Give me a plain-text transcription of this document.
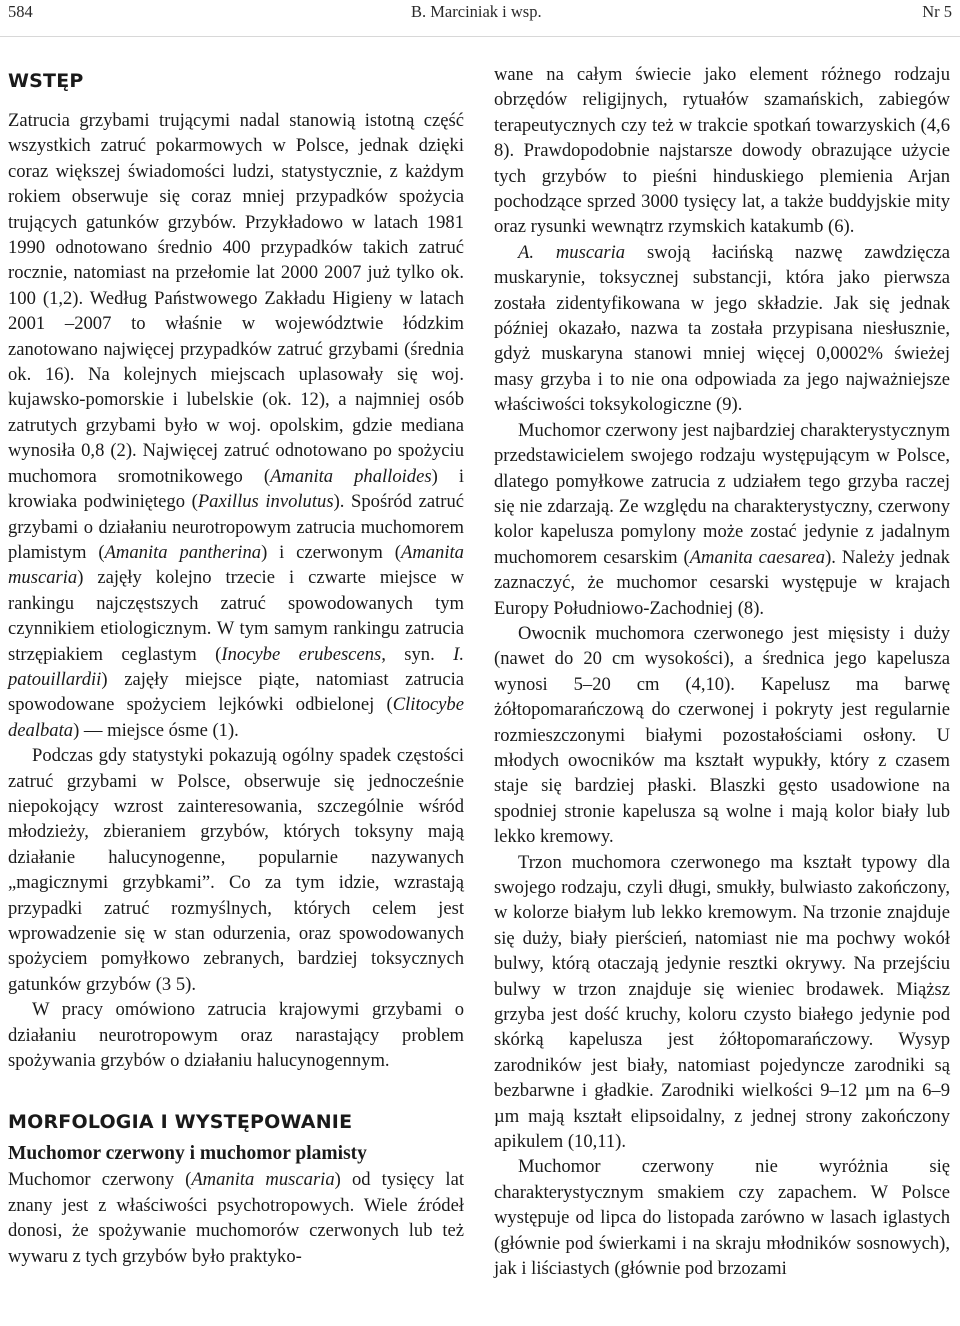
584	B. Marciniak i wsp.	Nr 5
WSTĘP

Zatrucia grzybami trującymi nadal stanowią istotną część wszystkich zatruć pokarmowych w Polsce, jednak dzięki coraz większej świadomości ludzi, statystycznie, z każdym rokiem obserwuje się coraz mniej przypadków spożycia trujących gatunków grzybów. Przykładowo w latach 1981 1990 odnotowano średnio 400 przypadków takich zatruć rocznie, natomiast na przełomie lat 2000 2007 już tylko ok. 100 (1,2). Według Państwowego Zakładu Higieny w latach 2001 –2007 to właśnie w województwie łódzkim zanotowano najwięcej przypadków zatruć grzybami (średnia ok. 16). Na kolejnych miejscach uplasowały się woj. kujawsko-pomorskie i lubelskie (ok. 12), a najmniej osób zatrutych grzybami było w woj. opolskim, gdzie mediana wynosiła 0,8 (2). Najwięcej zatruć odnotowano po spożyciu muchomora sromotnikowego (Amanita phalloides) i krowiaka podwiniętego (Paxillus involutus). Spośród zatruć grzybami o działaniu neurotropowym zatrucia muchomorem plamistym (Amanita pantherina) i czerwonym (Amanita muscaria) zajęły kolejno trzecie i czwarte miejsce w rankingu najczęstszych zatruć spowodowanych tym czynnikiem etiologicznym. W tym samym rankingu zatrucia strzępiakiem ceglastym (Inocybe erubescens, syn. I. patouillardii) zajęły miejsce piąte, natomiast zatrucia spowodowane spożyciem lejkówki odbielonej (Clitocybe dealbata) — miejsce ósme (1).

Podczas gdy statystyki pokazują ogólny spadek częstości zatruć grzybami w Polsce, obserwuje się jednocześnie niepokojący wzrost zainteresowania, szczególnie wśród młodzieży, zbieraniem grzybów, których toksyny mają działanie halucynogenne, popularnie nazywanych „magicznymi grzybkami”. Co za tym idzie, wzrastają przypadki zatruć rozmyślnych, których celem jest wprowadzenie się w stan odurzenia, oraz spowodowanych spożyciem pomyłkowo zebranych, bardziej toksycznych gatunków grzybów (3 5).

W pracy omówiono zatrucia krajowymi grzybami o działaniu neurotropowym oraz narastający problem spożywania grzybów o działaniu halucynogennym.

MORFOLOGIA I WYSTĘPOWANIE
Muchomor czerwony i muchomor plamisty

Muchomor czerwony (Amanita muscaria) od tysięcy lat znany jest z właściwości psychotropowych. Wiele źródeł donosi, że spożywanie muchomorów czerwonych lub też wywaru z tych grzybów było praktyko-

wane na całym świecie jako element różnego rodzaju obrzędów religijnych, rytuałów szamańskich, zabiegów terapeutycznych czy też w trakcie spotkań towarzyskich (4,6 8). Prawdopodobnie najstarsze dowody obrazujące użycie tych grzybów to pieśni hinduskiego plemienia Arjan pochodzące sprzed 3000 tysięcy lat, a także buddyjskie mity oraz rysunki wewnątrz rzymskich katakumb (6).

A. muscaria swoją łacińską nazwę zawdzięcza muskarynie, toksycznej substancji, która jako pierwsza została zidentyfikowana w jego składzie. Jak się jednak później okazało, nazwa ta została przypisana niesłusznie, gdyż muskaryna stanowi mniej więcej 0,0002% świeżej masy grzyba i to nie ona odpowiada za jego najważniejsze właściwości toksykologiczne (9).

Muchomor czerwony jest najbardziej charakterystycznym przedstawicielem swojego rodzaju występującym w Polsce, dlatego pomyłkowe zatrucia z udziałem tego grzyba raczej się nie zdarzają. Ze względu na charakterystyczny, czerwony kolor kapelusza pomylony może zostać jedynie z jadalnym muchomorem cesarskim (Amanita caesarea). Należy jednak zaznaczyć, że muchomor cesarski występuje w krajach Europy Południowo-Zachodniej (8).

Owocnik muchomora czerwonego jest mięsisty i duży (nawet do 20 cm wysokości), a średnica jego kapelusza wynosi 5–20 cm (4,10). Kapelusz ma barwę żółtopomarańczową do czerwonej i pokryty jest regularnie rozmieszczonymi białymi pozostałościami osłony. U młodych owocników ma kształt wypukły, który z czasem staje się bardziej płaski. Blaszki gęsto usadowione na spodniej stronie kapelusza są wolne i mają kolor biały lub lekko kremowy.

Trzon muchomora czerwonego ma kształt typowy dla swojego rodzaju, czyli długi, smukły, bulwiasto zakończony, w kolorze białym lub lekko kremowym. Na trzonie znajduje się duży, biały pierścień, natomiast nie ma pochwy wokół bulwy, którą otaczają jedynie resztki okrywy. Na przejściu bulwy w trzon znajduje się wieniec brodawek. Miąższ grzyba jest dość kruchy, koloru czysto białego jedynie pod skórką kapelusza jest żółtopomarańczowy. Wysyp zarodników jest biały, natomiast pojedyncze zarodniki są bezbarwne i gładkie. Zarodniki wielkości 9–12 µm na 6–9 µm mają kształt elipsoidalny, z jednej strony zakończony apikulem (10,11).

Muchomor czerwony nie wyróżnia się charakterystycznym smakiem czy zapachem. W Polsce występuje od lipca do listopada zarówno w lasach iglastych (głównie pod świerkami i na skraju młodników sosnowych), jak i liściastych (głównie pod brzozami
